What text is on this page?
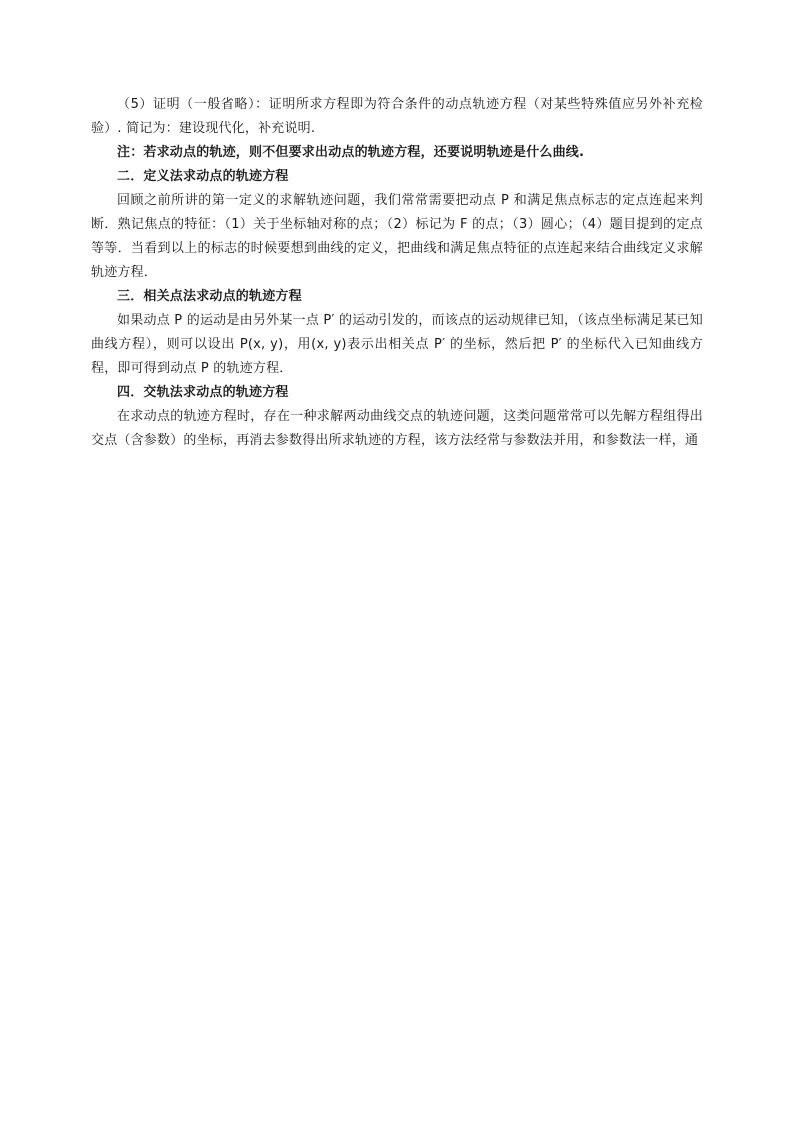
（5）证明（一般省略）：证明所求方程即为符合条件的动点轨迹方程（对某些特殊值应另外补充检验）. 简记为：建设现代化，补充说明.

注：若求动点的轨迹，则不但要求出动点的轨迹方程，还要说明轨迹是什么曲线.

二．定义法求动点的轨迹方程

回顾之前所讲的第一定义的求解轨迹问题，我们常常需要把动点 P 和满足焦点标志的定点连起来判断．熟记焦点的特征：（1）关于坐标轴对称的点；（2）标记为 F 的点；（3）圆心；（4）题目提到的定点等等．当看到以上的标志的时候要想到曲线的定义，把曲线和满足焦点特征的点连起来结合曲线定义求解轨迹方程．

三．相关点法求动点的轨迹方程

如果动点 P 的运动是由另外某一点 P′ 的运动引发的，而该点的运动规律已知，（该点坐标满足某已知曲线方程），则可以设出 P(x, y)，用(x, y)表示出相关点 P′ 的坐标，然后把 P′ 的坐标代入已知曲线方程，即可得到动点 P 的轨迹方程．

四．交轨法求动点的轨迹方程

在求动点的轨迹方程时，存在一种求解两动曲线交点的轨迹问题，这类问题常常可以先解方程组得出交点（含参数）的坐标，再消去参数得出所求轨迹的方程，该方法经常与参数法并用，和参数法一样，通
